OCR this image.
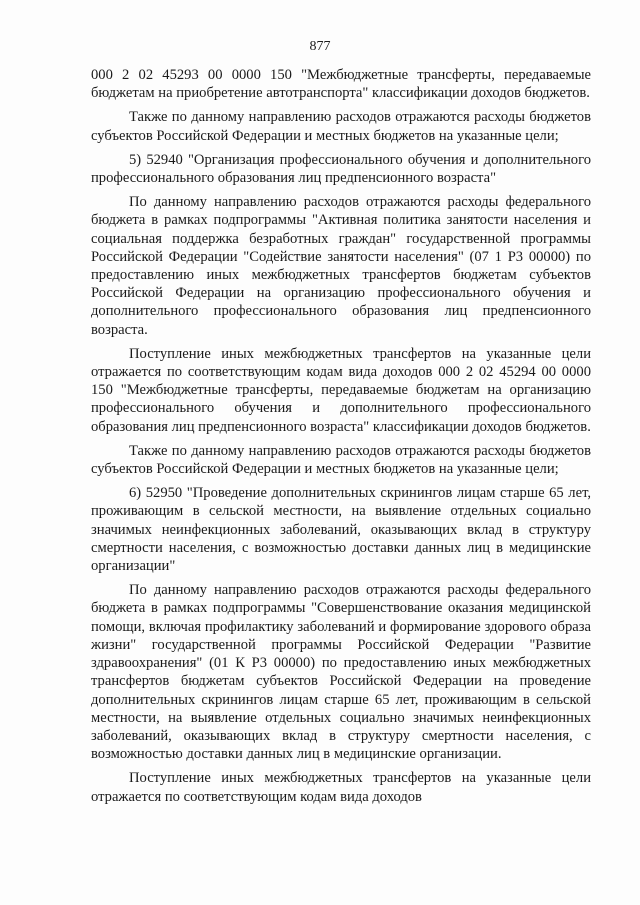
877

000 2 02 45293 00 0000 150 "Межбюджетные трансферты, передаваемые бюджетам на приобретение автотранспорта" классификации доходов бюджетов.

Также по данному направлению расходов отражаются расходы бюджетов субъектов Российской Федерации и местных бюджетов на указанные цели;

5) 52940 "Организация профессионального обучения и дополнительного профессионального образования лиц предпенсионного возраста"

По данному направлению расходов отражаются расходы федерального бюджета в рамках подпрограммы "Активная политика занятости населения и социальная поддержка безработных граждан" государственной программы Российской Федерации "Содействие занятости населения" (07 1 Р3 00000) по предоставлению иных межбюджетных трансфертов бюджетам субъектов Российской Федерации на организацию профессионального обучения и дополнительного профессионального образования лиц предпенсионного возраста.

Поступление иных межбюджетных трансфертов на указанные цели отражается по соответствующим кодам вида доходов 000 2 02 45294 00 0000 150 "Межбюджетные трансферты, передаваемые бюджетам на организацию профессионального обучения и дополнительного профессионального образования лиц предпенсионного возраста" классификации доходов бюджетов.

Также по данному направлению расходов отражаются расходы бюджетов субъектов Российской Федерации и местных бюджетов на указанные цели;

6) 52950 "Проведение дополнительных скринингов лицам старше 65 лет, проживающим в сельской местности, на выявление отдельных социально значимых неинфекционных заболеваний, оказывающих вклад в структуру смертности населения, с возможностью доставки данных лиц в медицинские организации"

По данному направлению расходов отражаются расходы федерального бюджета в рамках подпрограммы "Совершенствование оказания медицинской помощи, включая профилактику заболеваний и формирование здорового образа жизни" государственной программы Российской Федерации "Развитие здравоохранения" (01 К Р3 00000) по предоставлению иных межбюджетных трансфертов бюджетам субъектов Российской Федерации на проведение дополнительных скринингов лицам старше 65 лет, проживающим в сельской местности, на выявление отдельных социально значимых неинфекционных заболеваний, оказывающих вклад в структуру смертности населения, с возможностью доставки данных лиц в медицинские организации.

Поступление иных межбюджетных трансфертов на указанные цели отражается по соответствующим кодам вида доходов
